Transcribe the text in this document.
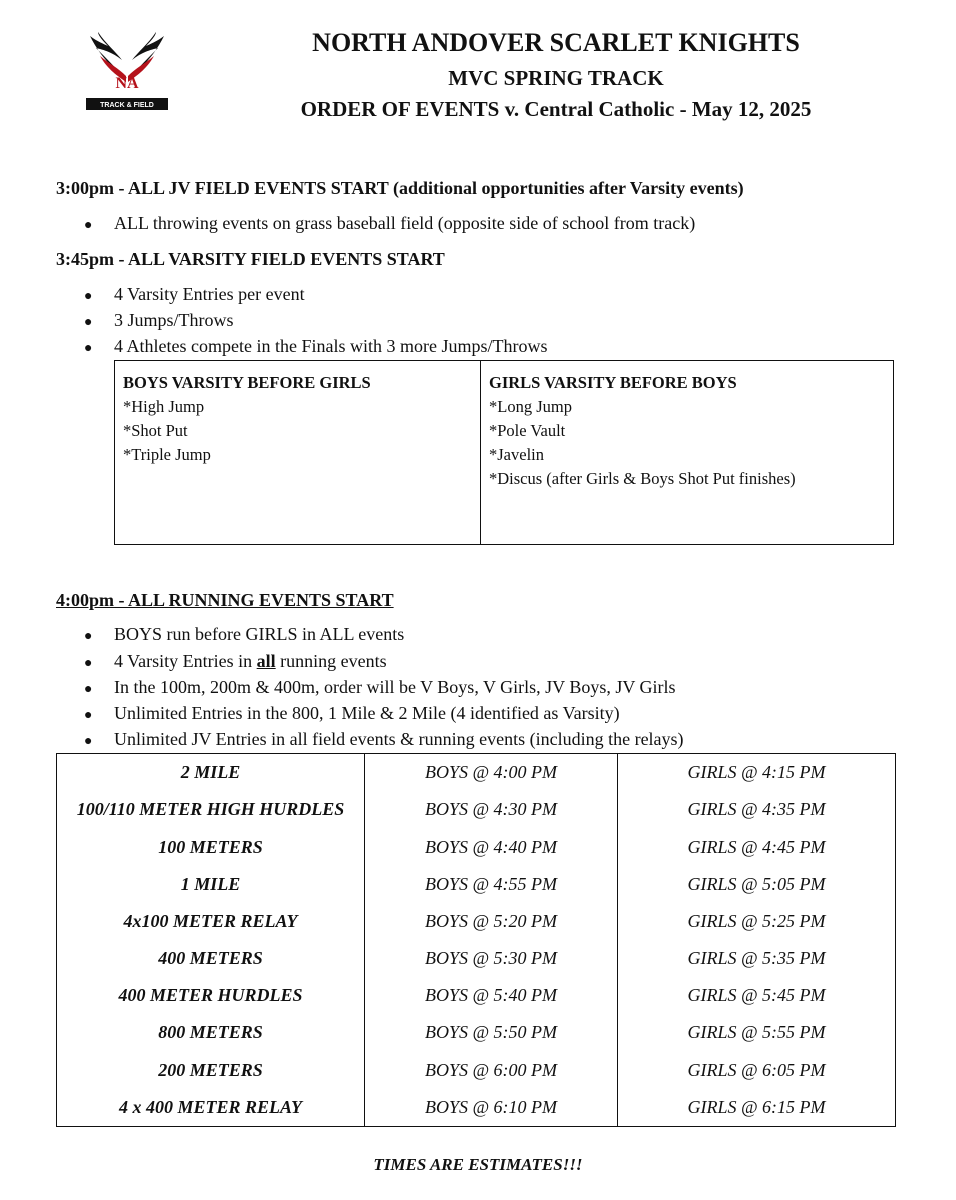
NA
TRACK & FIELD
NORTH ANDOVER SCARLET KNIGHTS
MVC SPRING TRACK
ORDER OF EVENTS v. Central Catholic - May 12, 2025
3:00pm - ALL JV FIELD EVENTS START (additional opportunities after Varsity events)
● ALL throwing events on grass baseball field (opposite side of school from track)
3:45pm - ALL VARSITY FIELD EVENTS START
● 4 Varsity Entries per event
● 3 Jumps/Throws
● 4 Athletes compete in the Finals with 3 more Jumps/Throws
BOYS VARSITY BEFORE GIRLS
*High Jump
*Shot Put
*Triple Jump
GIRLS VARSITY BEFORE BOYS
*Long Jump
*Pole Vault
*Javelin
*Discus (after Girls & Boys Shot Put finishes)
4:00pm - ALL RUNNING EVENTS START
● BOYS run before GIRLS in ALL events
● 4 Varsity Entries in all running events
● In the 100m, 200m & 400m, order will be V Boys, V Girls, JV Boys, JV Girls
● Unlimited Entries in the 800, 1 Mile & 2 Mile (4 identified as Varsity)
● Unlimited JV Entries in all field events & running events (including the relays)
2 MILE	BOYS @ 4:00 PM	GIRLS @ 4:15 PM
100/110 METER HIGH HURDLES	BOYS @ 4:30 PM	GIRLS @ 4:35 PM
100 METERS	BOYS @ 4:40 PM	GIRLS @ 4:45 PM
1 MILE	BOYS @ 4:55 PM	GIRLS @ 5:05 PM
4x100 METER RELAY	BOYS @ 5:20 PM	GIRLS @ 5:25 PM
400 METERS	BOYS @ 5:30 PM	GIRLS @ 5:35 PM
400 METER HURDLES	BOYS @ 5:40 PM	GIRLS @ 5:45 PM
800 METERS	BOYS @ 5:50 PM	GIRLS @ 5:55 PM
200 METERS	BOYS @ 6:00 PM	GIRLS @ 6:05 PM
4 x 400 METER RELAY	BOYS @ 6:10 PM	GIRLS @ 6:15 PM
TIMES ARE ESTIMATES!!!
